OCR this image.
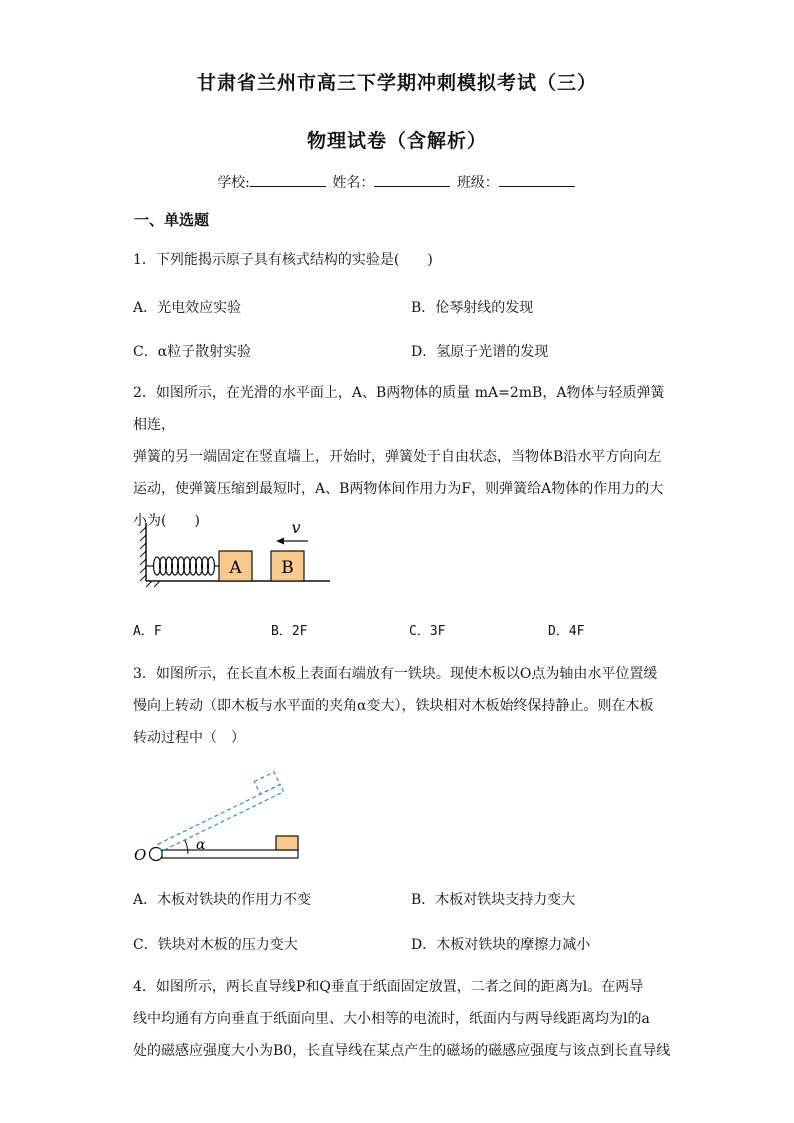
甘肃省兰州市高三下学期冲刺模拟考试（三）
物理试卷（含解析）
学校:	姓名：	班级：
一、单选题
1．下列能揭示原子具有核式结构的实验是(　　)
A．光电效应实验	B．伦琴射线的发现
C．α粒子散射实验	D．氢原子光谱的发现
2．如图所示，在光滑的水平面上，A、B两物体的质量 mA=2mB，A物体与轻质弹簧相连，
弹簧的另一端固定在竖直墙上，开始时，弹簧处于自由状态，当物体B沿水平方向向左
运动，使弹簧压缩到最短时，A、B两物体间作用力为F，则弹簧给A物体的作用力的大
小为(　　)
A B
v
A．F	B．2F	C．3F	D．4F
3．如图所示，在长直木板上表面右端放有一铁块。现使木板以O点为轴由水平位置缓
慢向上转动（即木板与水平面的夹角α变大），铁块相对木板始终保持静止。则在木板
转动过程中（　）
O
α
A．木板对铁块的作用力不变	B．木板对铁块支持力变大
C．铁块对木板的压力变大	D．木板对铁块的摩擦力减小
4．如图所示，两长直导线P和Q垂直于纸面固定放置，二者之间的距离为l。在两导
线中均通有方向垂直于纸面向里、大小相等的电流时，纸面内与两导线距离均为l的a
处的磁感应强度大小为B0，长直导线在某点产生的磁场的磁感应强度与该点到长直导线
